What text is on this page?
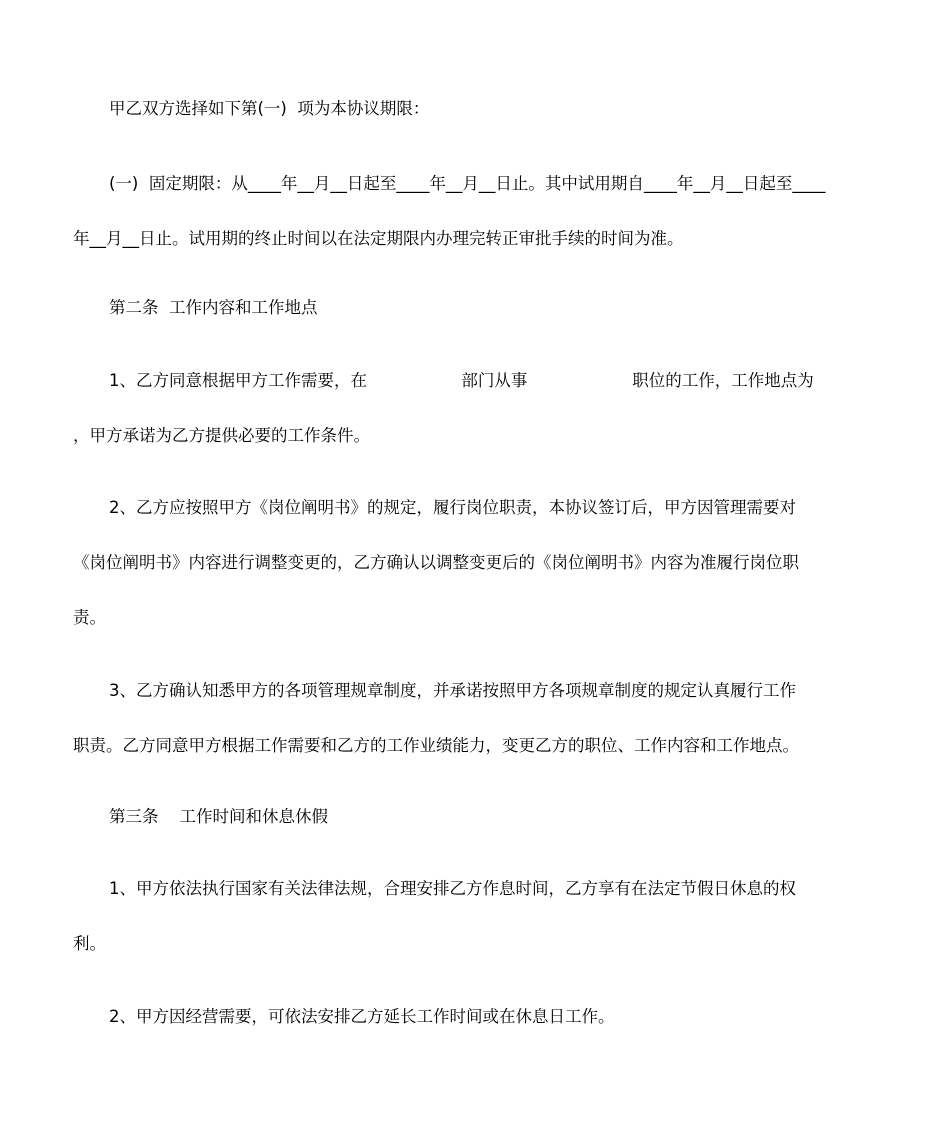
甲乙双方选择如下第(一)  项为本协议期限：
(一)  固定期限：从____年__月__日起至____年__月__日止。其中试用期自____年__月__日起至____
年__月__日止。试用期的终止时间以在法定期限内办理完转正审批手续的时间为准。
第二条  工作内容和工作地点
1、乙方同意根据甲方工作需要，在                  部门从事                    职位的工作，工作地点为
，甲方承诺为乙方提供必要的工作条件。
2、乙方应按照甲方《岗位阐明书》的规定，履行岗位职责，本协议签订后，甲方因管理需要对
《岗位阐明书》内容进行调整变更的，乙方确认以调整变更后的《岗位阐明书》内容为准履行岗位职
责。
3、乙方确认知悉甲方的各项管理规章制度，并承诺按照甲方各项规章制度的规定认真履行工作
职责。乙方同意甲方根据工作需要和乙方的工作业绩能力，变更乙方的职位、工作内容和工作地点。
第三条    工作时间和休息休假
1、甲方依法执行国家有关法律法规，合理安排乙方作息时间，乙方享有在法定节假日休息的权
利。
2、甲方因经营需要，可依法安排乙方延长工作时间或在休息日工作。
